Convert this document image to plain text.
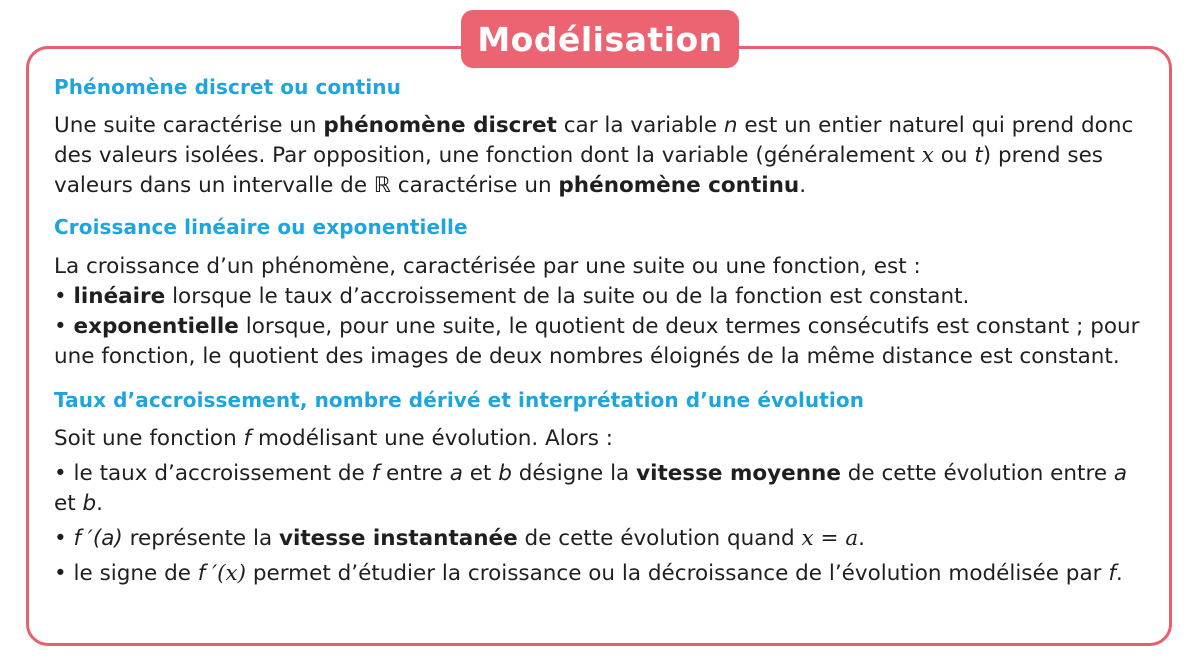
Modélisation

Phénomène discret ou continu

Une suite caractérise un phénomène discret car la variable n est un entier naturel qui prend donc des valeurs isolées. Par opposition, une fonction dont la variable (généralement x ou t) prend ses valeurs dans un intervalle de ℝ caractérise un phénomène continu.

Croissance linéaire ou exponentielle

La croissance d’un phénomène, caractérisée par une suite ou une fonction, est :

• linéaire lorsque le taux d’accroissement de la suite ou de la fonction est constant.

• exponentielle lorsque, pour une suite, le quotient de deux termes consécutifs est constant ; pour une fonction, le quotient des images de deux nombres éloignés de la même distance est constant.

Taux d’accroissement, nombre dérivé et interprétation d’une évolution

Soit une fonction f modélisant une évolution. Alors :

• le taux d’accroissement de f entre a et b désigne la vitesse moyenne de cette évolution entre a et b.

• f ′(a) représente la vitesse instantanée de cette évolution quand x = a.

• le signe de f ′(x) permet d’étudier la croissance ou la décroissance de l’évolution modélisée par f.
